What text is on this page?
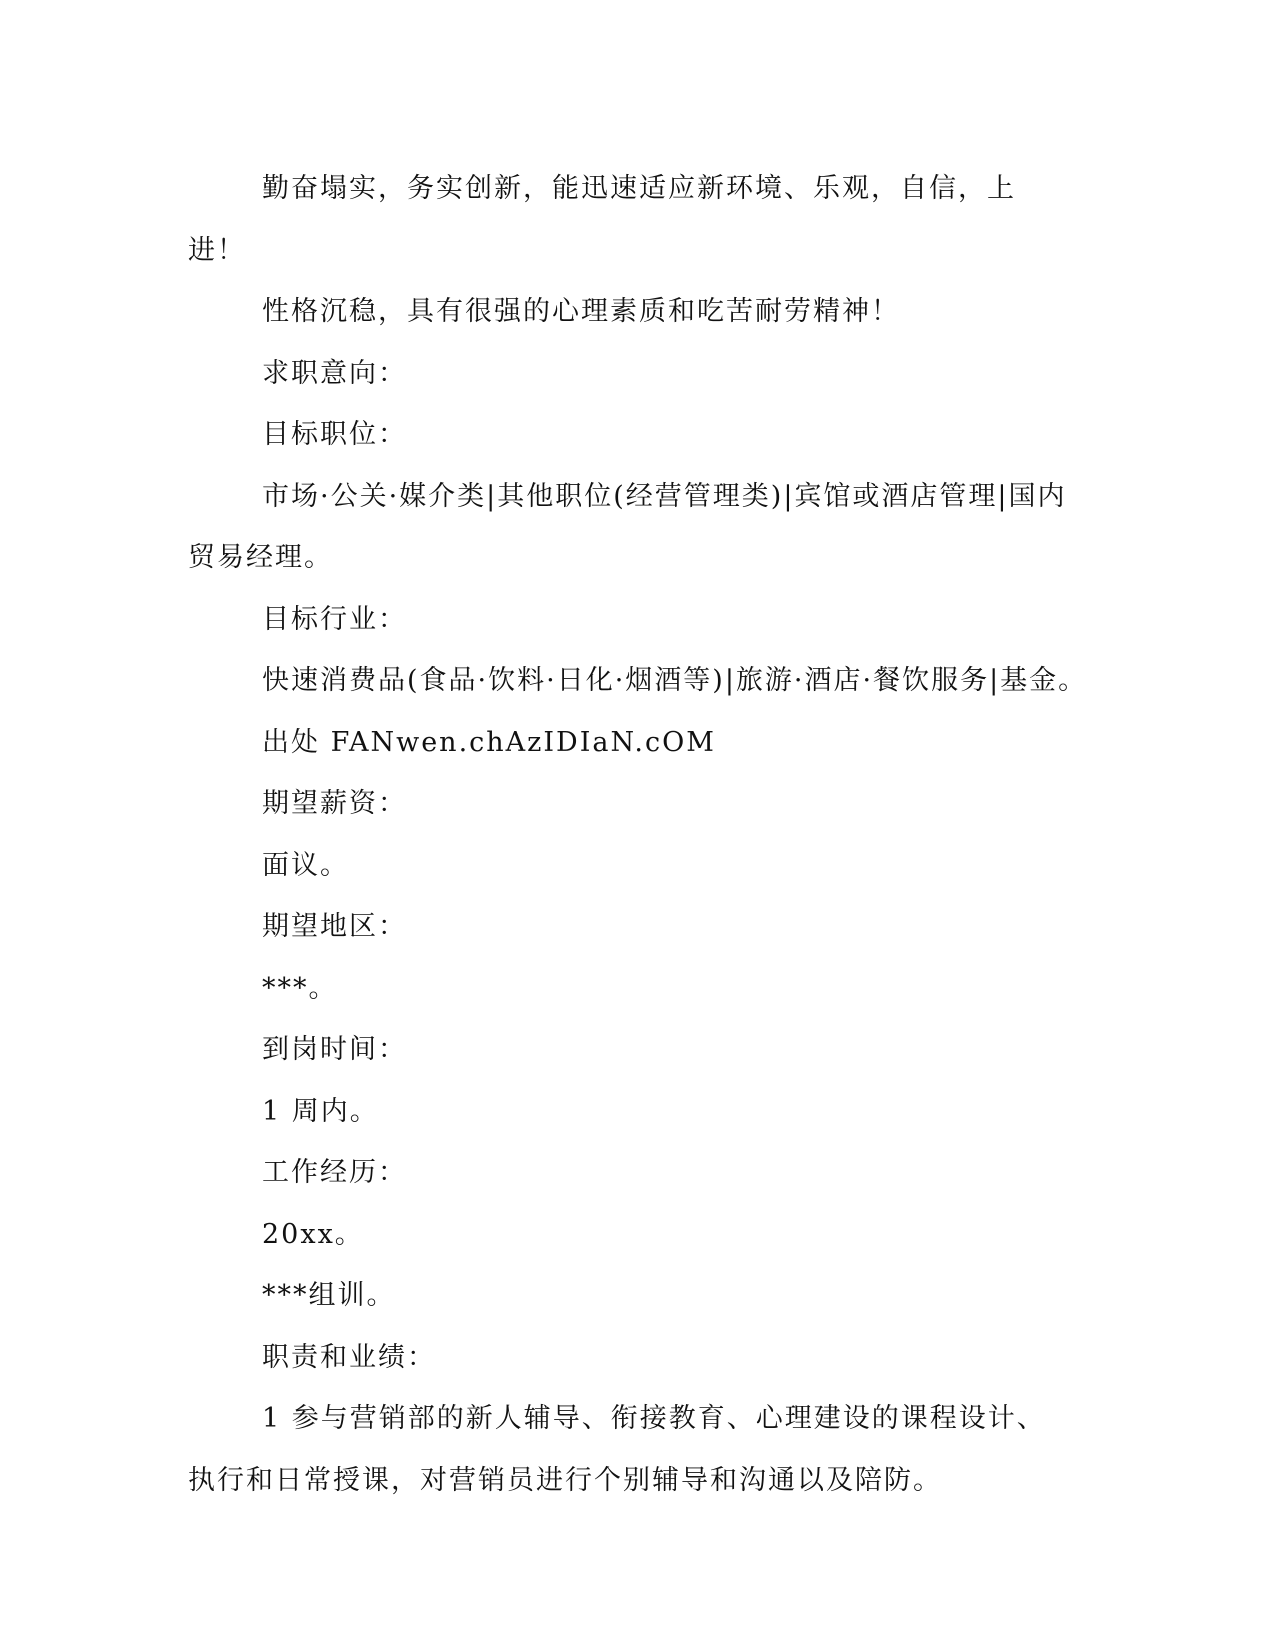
勤奋塌实，务实创新，能迅速适应新环境、乐观，自信，上进！

性格沉稳，具有很强的心理素质和吃苦耐劳精神！

求职意向：

目标职位：

市场·公关·媒介类|其他职位(经营管理类)|宾馆或酒店管理|国内贸易经理。

目标行业：

快速消费品(食品·饮料·日化·烟酒等)|旅游·酒店·餐饮服务|基金。

出处 FANwen.chAzIDIaN.cOM

期望薪资：

面议。

期望地区：

***。

到岗时间：

1 周内。

工作经历：

20xx。

***组训。

职责和业绩：

1 参与营销部的新人辅导、衔接教育、心理建设的课程设计、执行和日常授课，对营销员进行个别辅导和沟通以及陪防。
